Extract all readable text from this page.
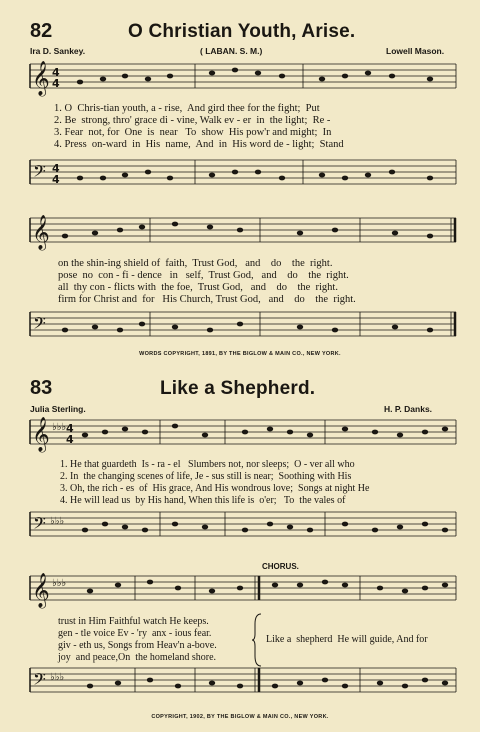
82	O Christian Youth, Arise.
Ira D. Sankey.	( LABAN. S. M.)	Lowell Mason.
𝄞 4
4
1. O  Chris-tian youth, a - rise,  And gird thee for the fight;  Put
2. Be  strong, thro' grace di - vine, Walk ev - er  in  the light;  Re -
3. Fear  not, for  One  is  near   To  show  His pow'r and might;  In
4. Press  on-ward  in  His  name,  And  in  His word de - light;  Stand
𝄢 4
4
𝄞
on the shin-ing shield of  faith,  Trust God,   and    do    the  right.
pose  no  con - fi - dence   in   self,  Trust God,   and    do    the  right.
all  thy con - flicts with  the foe,  Trust God,   and    do    the  right.
firm for Christ and  for   His Church, Trust God,   and    do    the  right.
𝄢
WORDS COPYRIGHT, 1891, BY THE BIGLOW & MAIN CO., NEW YORK.
83	Like a Shepherd.
Julia Sterling.	H. P. Danks.
𝄞 ♭♭♭ 4
4
1. He that guardeth  Is - ra - el   Slumbers not, nor sleeps;  O - ver all who
2. In  the changing scenes of life, Je - sus still is near;  Soothing with His
3. Oh, the rich - es  of  His grace, And His wondrous love;  Songs at night He
4. He will lead us  by His hand, When this life is  o'er;   To  the vales of
𝄢 ♭♭♭
CHORUS.
𝄞 ♭♭♭
trust in Him Faithful watch He keeps.
gen - tle voice Ev - 'ry  anx - ious fear.
giv - eth us, Songs from Heav'n a-bove.
joy  and peace,On  the homeland shore.
Like a  shepherd  He will guide, And for
𝄢 ♭♭♭
COPYRIGHT, 1902, BY THE BIGLOW & MAIN CO., NEW YORK.
